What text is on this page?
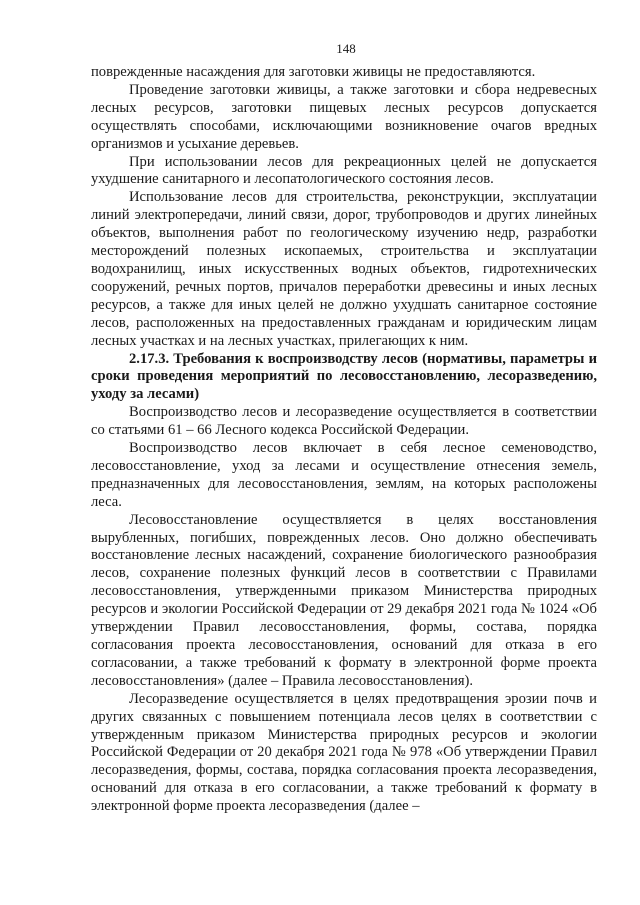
148

поврежденные насаждения для заготовки живицы не предоставляются.

Проведение заготовки живицы, а также заготовки и сбора недревесных лесных ресурсов, заготовки пищевых лесных ресурсов допускается осуществлять способами, исключающими возникновение очагов вредных организмов и усыхание деревьев.

При использовании лесов для рекреационных целей не допускается ухудшение санитарного и лесопатологического состояния лесов.

Использование лесов для строительства, реконструкции, эксплуатации линий электропередачи, линий связи, дорог, трубопроводов и других линейных объектов, выполнения работ по геологическому изучению недр, разработки месторождений полезных ископаемых, строительства и эксплуатации водохранилищ, иных искусственных водных объектов, гидротехнических сооружений, речных портов, причалов переработки древесины и иных лесных ресурсов, а также для иных целей не должно ухудшать санитарное состояние лесов, расположенных на предоставленных гражданам и юридическим лицам лесных участках и на лесных участках, прилегающих к ним.

2.17.3. Требования к воспроизводству лесов (нормативы, параметры и сроки проведения мероприятий по лесовосстановлению, лесоразведению, уходу за лесами)

Воспроизводство лесов и лесоразведение осуществляется в соответствии со статьями 61 – 66 Лесного кодекса Российской Федерации.

Воспроизводство лесов включает в себя лесное семеноводство, лесовосстановление, уход за лесами и осуществление отнесения земель, предназначенных для лесовосстановления, землям, на которых расположены леса.

Лесовосстановление осуществляется в целях восстановления вырубленных, погибших, поврежденных лесов. Оно должно обеспечивать восстановление лесных насаждений, сохранение биологического разнообразия лесов, сохранение полезных функций лесов в соответствии с Правилами лесовосстановления, утвержденными приказом Министерства природных ресурсов и экологии Российской Федерации от 29 декабря 2021 года № 1024 «Об утверждении Правил лесовосстановления, формы, состава, порядка согласования проекта лесовосстановления, оснований для отказа в его согласовании, а также требований к формату в электронной форме проекта лесовосстановления» (далее – Правила лесовосстановления).

Лесоразведение осуществляется в целях предотвращения эрозии почв и других связанных с повышением потенциала лесов целях в соответствии с утвержденным приказом Министерства природных ресурсов и экологии Российской Федерации от 20 декабря 2021 года № 978 «Об утверждении Правил лесоразведения, формы, состава, порядка согласования проекта лесоразведения, оснований для отказа в его согласовании, а также требований к формату в электронной форме проекта лесоразведения (далее –
